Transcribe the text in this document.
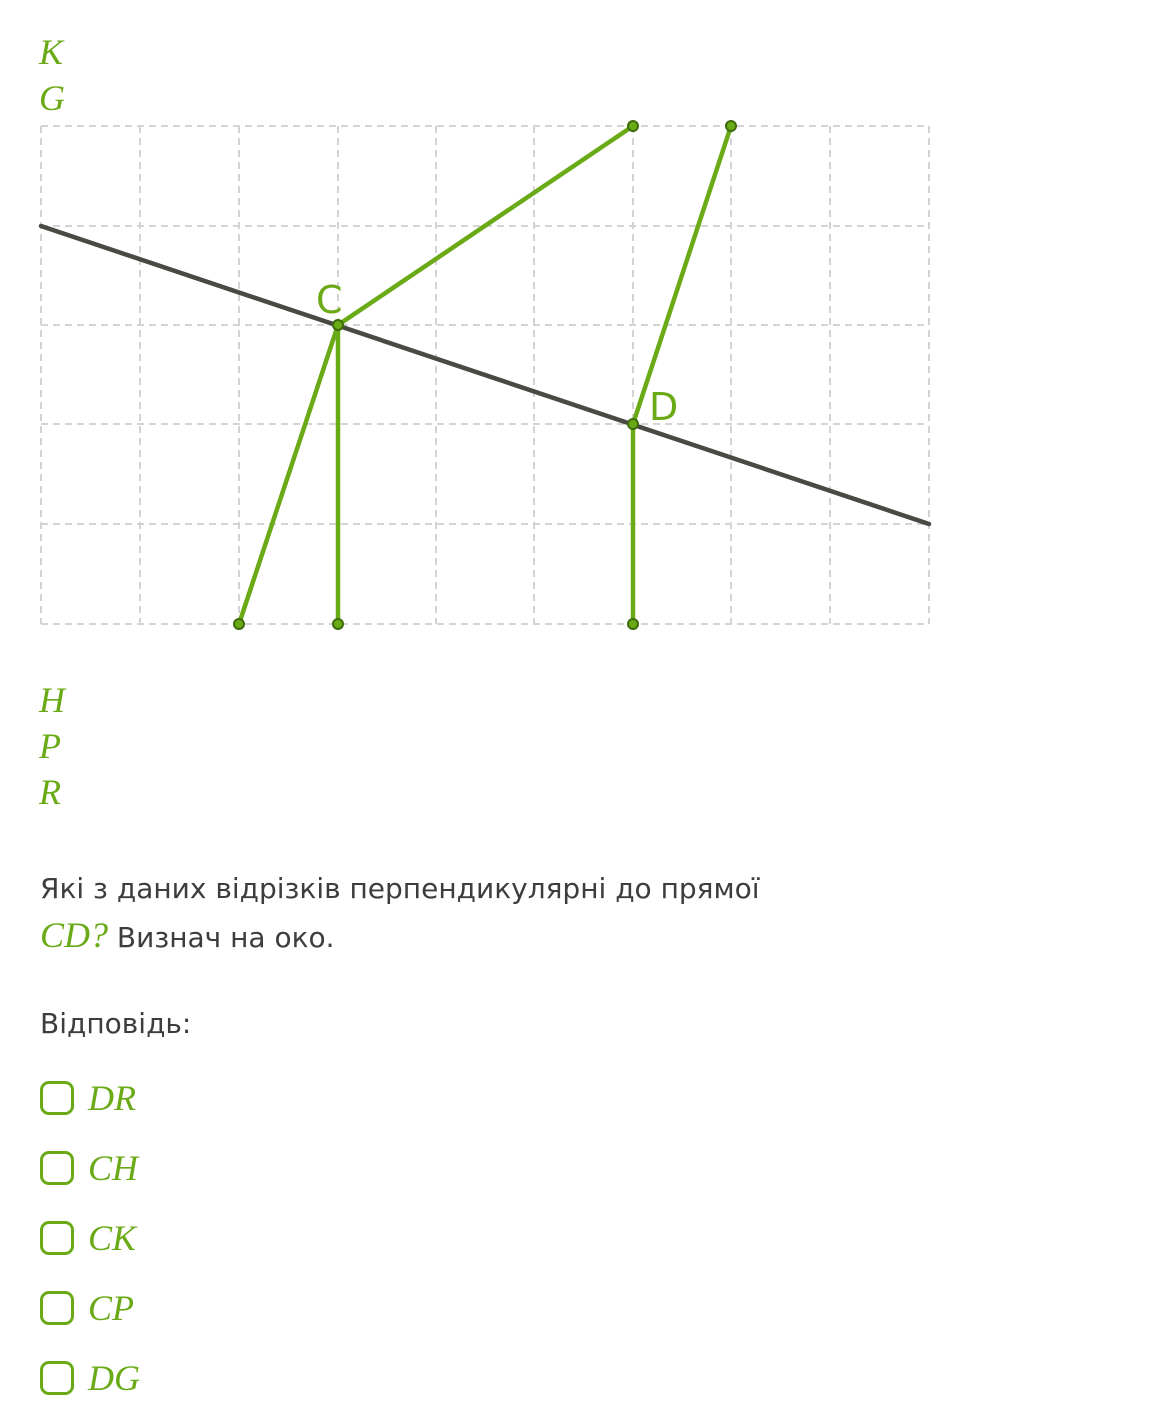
K
G
C
D
H
P
R
Які з даних відрізків перпендикулярні до прямої
CD? Визнач на око.
Відповідь:
DR
CH
CK
CP
DG
